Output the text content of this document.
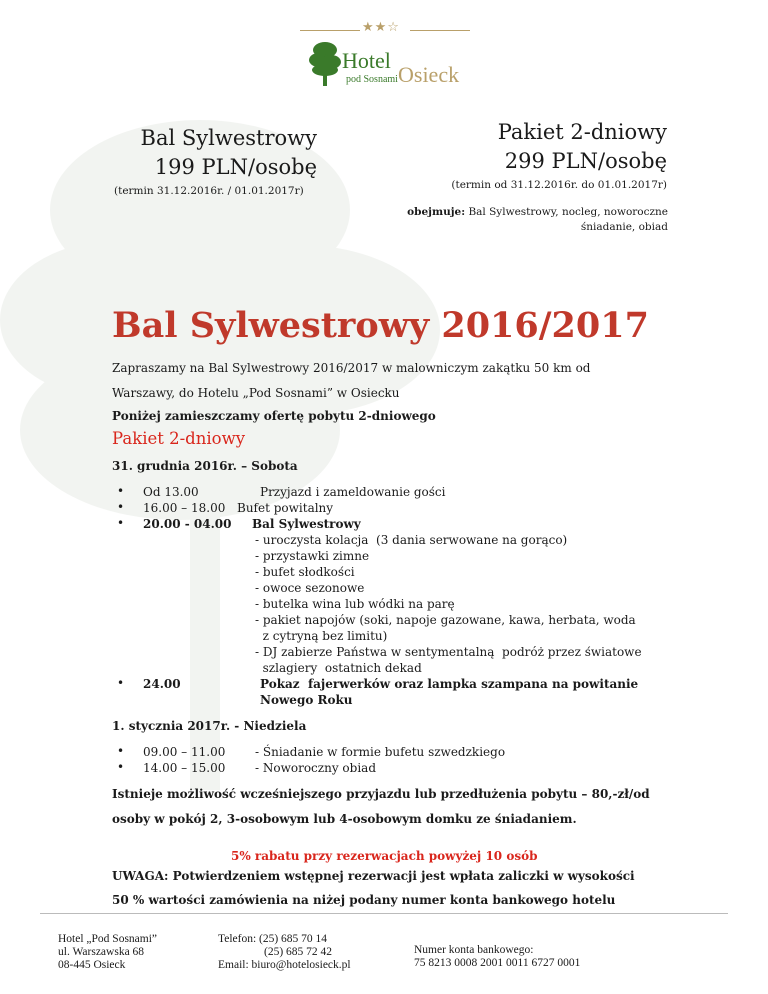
★★☆
Hotel
pod Sosnami Osieck
Bal Sylwestrowy
199 PLN/osobę
(termin 31.12.2016r. / 01.01.2017r)
Pakiet 2-dniowy
299 PLN/osobę
(termin od 31.12.2016r. do 01.01.2017r)
obejmuje: Bal Sylwestrowy, nocleg, noworoczne
śniadanie, obiad
Bal Sylwestrowy 2016/2017
Zapraszamy na Bal Sylwestrowy 2016/2017 w malowniczym zakątku 50 km od
Warszawy, do Hotelu „Pod Sosnami” w Osiecku
Poniżej zamieszczamy ofertę pobytu 2-dniowego
Pakiet 2-dniowy
31. grudnia 2016r. – Sobota
• Od 13.00	Przyjazd i zameldowanie gości
• 16.00 – 18.00 Bufet powitalny
• 20.00 - 04.00 Bal Sylwestrowy
- uroczysta kolacja  (3 dania serwowane na gorąco)
- przystawki zimne
- bufet słodkości
- owoce sezonowe
- butelka wina lub wódki na parę
- pakiet napojów (soki, napoje gazowane, kawa, herbata, woda
z cytryną bez limitu)
- DJ zabierze Państwa w sentymentalną  podróż przez światowe
szlagiery  ostatnich dekad
• 24.00	Pokaz  fajerwerków oraz lampka szampana na powitanie
Nowego Roku
1. stycznia 2017r. - Niedziela
• 09.00 – 11.00 - Śniadanie w formie bufetu szwedzkiego
• 14.00 – 15.00 - Noworoczny obiad
Istnieje możliwość wcześniejszego przyjazdu lub przedłużenia pobytu – 80,-zł/od
osoby w pokój 2, 3-osobowym lub 4-osobowym domku ze śniadaniem.
5% rabatu przy rezerwacjach powyżej 10 osób
UWAGA: Potwierdzeniem wstępnej rezerwacji jest wpłata zaliczki w wysokości
50 % wartości zamówienia na niżej podany numer konta bankowego hotelu
Hotel „Pod Sosnami”
ul. Warszawska 68
08-445 Osieck
Telefon: (25) 685 70 14
(25) 685 72 42
Email: biuro@hotelosieck.pl
Numer konta bankowego:
75 8213 0008 2001 0011 6727 0001
